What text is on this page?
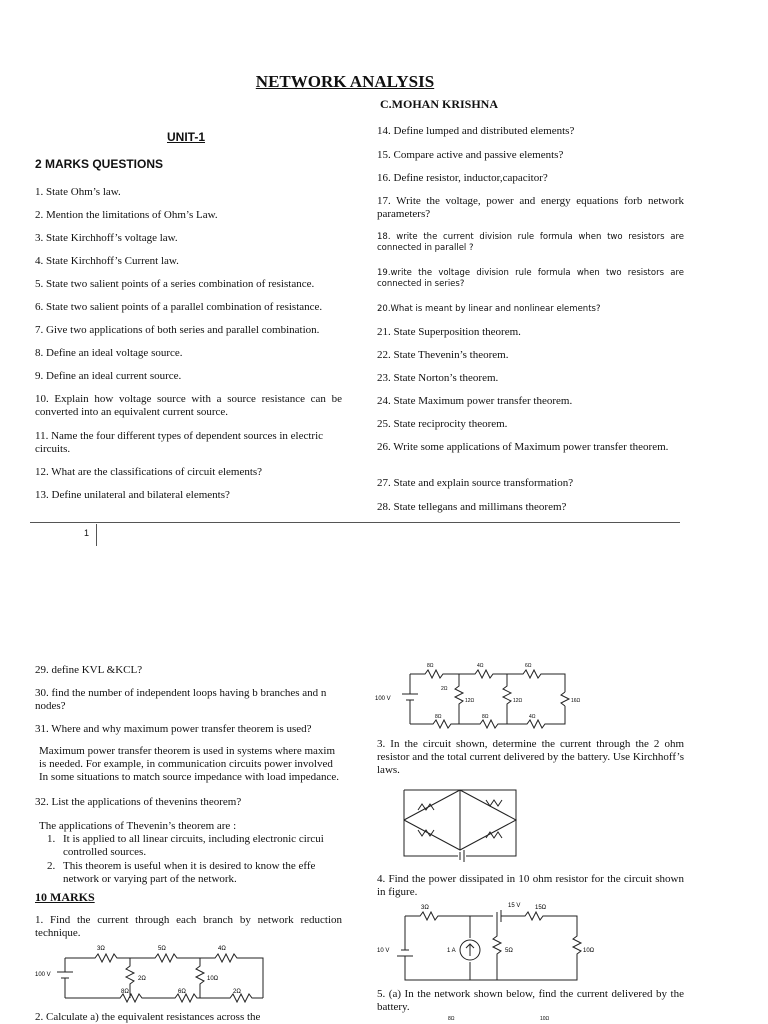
NETWORK ANALYSIS
C.MOHAN KRISHNA
UNIT-1
2 MARKS QUESTIONS
1. State Ohm’s law.
2. Mention the limitations of Ohm’s Law.
3. State Kirchhoff’s voltage law.
4. State Kirchhoff’s Current law.
5. State two salient points of a series combination of resistance.
6. State two salient points of a parallel combination of resistance.
7. Give two applications of both series and parallel combination.
8. Define an ideal voltage source.
9. Define an ideal current source.
10. Explain how voltage source with a source resistance can be converted into an equivalent current source.
11. Name the four different types of dependent sources in electric circuits.
12. What are the classifications of circuit elements?
13. Define unilateral and bilateral elements?
14. Define lumped and distributed elements?
15. Compare active and passive elements?
16. Define resistor, inductor,capacitor?
17. Write the voltage, power and energy equations forb network parameters?
18. write the current division rule formula when two resistors are connected in parallel ?
19.write the voltage division rule formula when two resistors are connected in series?
20.What is meant by linear and nonlinear elements?
21. State Superposition theorem.
22. State Thevenin’s theorem.
23. State Norton’s theorem.
24. State Maximum power transfer theorem.
25. State reciprocity theorem.
26. Write some applications of Maximum power transfer theorem.
27. State and explain source transformation?
28. State tellegans and millimans theorem?
1
29. define KVL &KCL?
30. find the number of independent loops having b branches and n nodes?
31. Where and why maximum power transfer theorem is used?
Maximum power transfer theorem is used in systems where maxim
is needed. For example, in communication circuits power involved
In some situations to match source impedance with load impedance.
32. List the applications of thevenins theorem?
The applications of Thevenin’s theorem are :
1. It is applied to all linear circuits, including electronic circui
controlled sources.
2. This theorem is useful when it is desired to know the effe
network or varying part of the network.
10 MARKS
1. Find the current through each branch by network reduction technique.
2. Calculate a) the equivalent resistances across the
3. In the circuit shown, determine the current through the 2 ohm resistor and the total current delivered by the battery. Use Kirchhoff’s laws.
4. Find the power dissipated in 10 ohm resistor for the circuit shown in figure.
5. (a) In the network shown below, find the current delivered by the battery.
100 V
3Ω	5Ω	4Ω
2Ω	10Ω
8Ω	6Ω	2Ω
100 V
8Ω	4Ω	6Ω
2Ω
12Ω	12Ω	16Ω
8Ω	8Ω	4Ω
3Ω	15 V 15Ω
10 V	1 A	5Ω	10Ω
8Ω	10Ω
